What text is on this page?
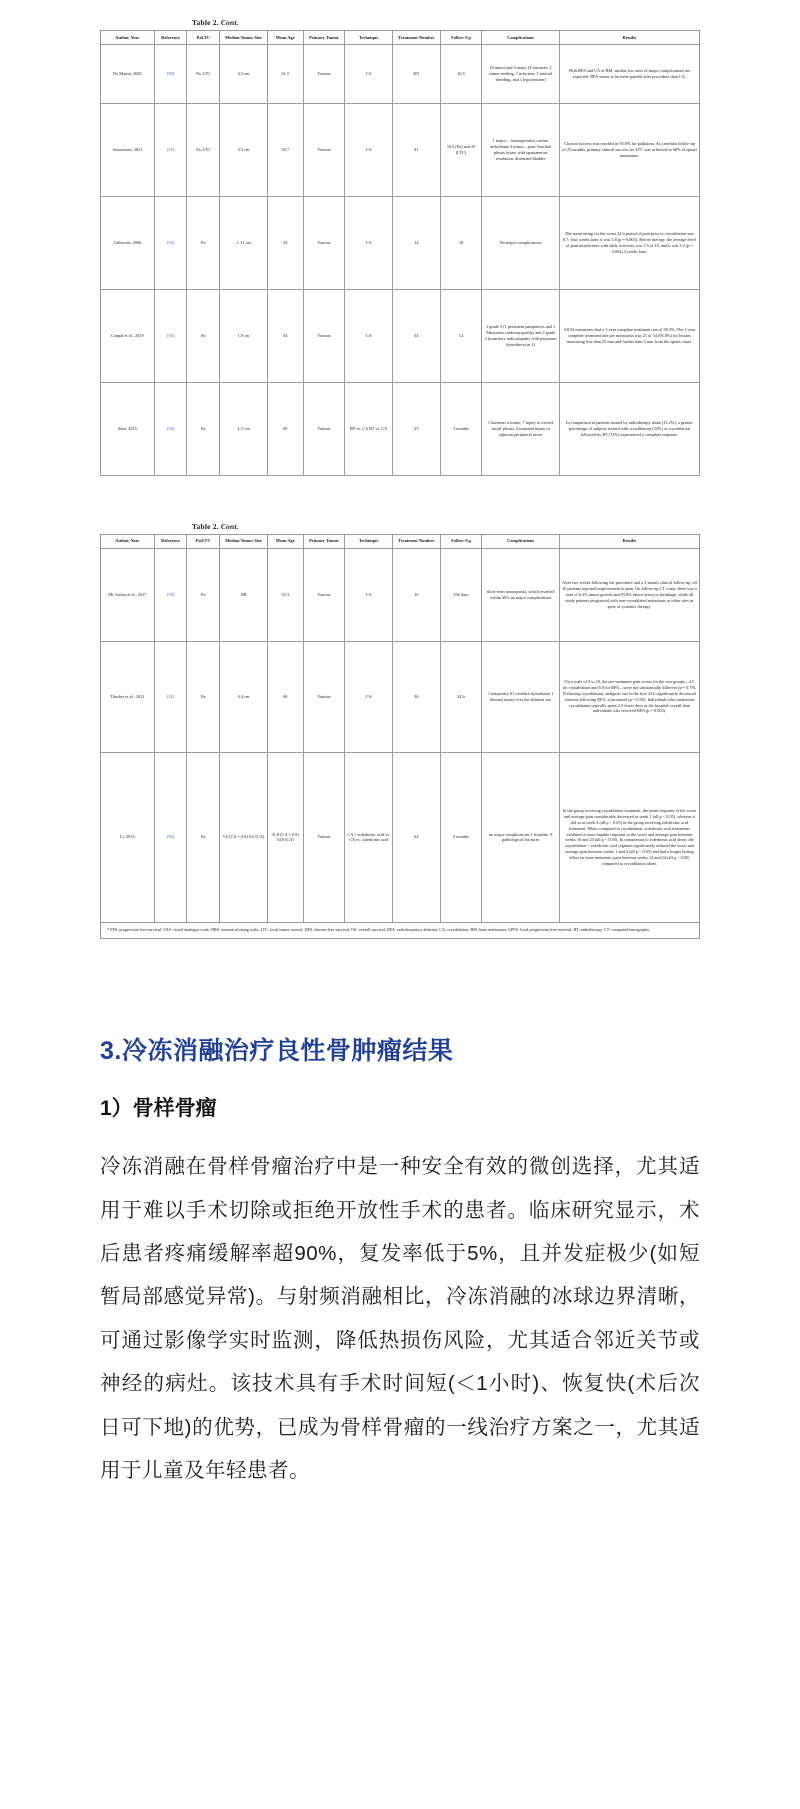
Table 2. Cont.
Author, Year	Reference	PaLTC	Median Tumor Size	Mean Age	Primary Tumor	Technique	Treatment Number	Follow-Up	Complications	Results
De Marini, 2020	[50]	Pa, LTC	4.5 cm	61.5	Various	CA	301	16.5	18 minor and 8 major (4 fractures, 1 tumor seeding, 1 infection, 1 arterial bleeding, and 1 hypotension)	With RFA and CA of BM, similar low rates of major complications are expected. RFA seems to be more painful after procedure than CA.
Autrusseau, 2021	[51]	Pa, LTC	3.5 cm	59.7	Various	CA	41	16.5 (Pa) and 29 (LTC)	1 major— intraoperative cardiac arrhythmia 3 minor—pain, brachial plexus injury with spontaneous resolution, distended bladder	Clinical success was reached in 93.8% for palliation. At a median follow-up of 25 months, primary clinical success for LTC was achieved in 68% of spinal metastases.
Callstrom, 2006	[52]	Pa	1–11 cm	54	Various	CA	14	18	No major complications	The mean rating for the worst 24 h period of pain prior to cryoablation was 6.7; four weeks later, it was 3.8 (p = 0.003). Before therapy, the average level of pain interference with daily activities was 3.5 of 10, and it was 3.2 (p = 0.004) 4 weeks later.
Coupal et al., 2019	[53]	Pa	1.8 cm	54	Various	CA	54	12	1 grade 3 (1 persistent paraparesis and 1 Takotsubo cardiomyopathy) and 2 grade 2 (transitory radiculopathy with persistent dysesthesia in 1)	All 54 metastases had a 1-year complete treatment rate of 58.3%. The 1-year complete treatment rate per metastasis was 25 of 34 (95.8%) for lesions measuring less than 25 mm and further than 5 mm from the spinal canal.
Stasi, 2015	[54]	Pa	4–5 cm	69	Various	RF vs. CA RT vs. CA	25	3 months	1 humerus fracture, 7 injury to exceed sacral plexus, 2 transient injury to adjacent peripheral nerve	In comparison to patients treated by radiotherapy alone (11.2%), a greater percentage of subjects treated with cryoablation (32%) or cryoablation followed by RT (72%) experienced a complete response.
Table 2. Cont.
Author, Year	Reference	Pa/LTC	Median Tumor Size	Mean Age	Primary Tumor	Technique	Treatment Number	Follow-Up	Complications	Results
Mc Arthur et al., 2017	[55]	Pa	NR	52.3	Various	CA	16	436 days	short-term neuropraxia, which resolved within 48 h no major complications	After two weeks following the procedure and a 3-month clinical follow-up, all 16 patients reported improvement in pain. On follow-up CT scans, there was a total of 6.2% tumor growth and 93.8% tumor arrest or shrinkage, while all study patients progressed with non-cryoablated metastases at other sites in spite of systemic therapy.
Thacker et al., 2011	[32]	Pa	4.4 cm	60	Various	CA	36	24 h	1 temporary S1 vertebra dysesthesia 1 thermal injury over the ablation site	On a scale of 0 to 10, the pre-treatment pain scores for the two groups—4.5 for cryoablation and 6.0 for RFA—were not substantially different (p = 0.79). Following cryoablation, analgesic use in the first 24 h significantly decreased whereas following RFA, it increased (p = 0.05). Individuals who underwent cryoablation typically spent 2.5 fewer days in the hospital overall than individuals who received RFA (p = 0.003).
Li, 2014	[56]	Pa	5.6 (CA + ZA) 6.0 (CA)	51.8 (CA + ZA) 54.8 (CA)	Various	CA + zoledronic acid vs. CA vs. zoledronic acid	64	6 months	no major complications 1 frostbite, 8 pathological fractures	In the group receiving cryoablation treatment, the mean response of the worst and average pain considerably decreased at week 1 (all p < 0.05), whereas it did so at week 4 (all p < 0.05) in the group receiving zoledronic acid treatment. When compared to cryoablation, zoledronic acid treatments exhibited a more durable response to the worst and average pain between weeks 16 and 24 (all p < 0.05). In comparison to zoledronic acid alone, the cryoablation + zoledronic acid regimen significantly reduced the worst and average pain between weeks 1 and 4 (all p < 0.05) and had a longer lasting effect on bone metastatic pain between weeks 12 and 24 (all p < 0.05) compared to cryoablation alone.
* FFS: progression free survival; VAS: visual analogue scale; NRS: numerical rating scale; LTC: local tumor control; DFS: disease-free survival; OS: overall survival; RFA: radiofrequency ablation; CA: cryoablation; BM: bone metastases; LPFS: local progression free-survival; RT: radiotherapy; CT: computed tomography.
3.冷冻消融治疗良性骨肿瘤结果
1）骨样骨瘤

冷冻消融在骨样骨瘤治疗中是一种安全有效的微创选择，尤其适用于难以手术切除或拒绝开放性手术的患者。临床研究显示，术后患者疼痛缓解率超90%，复发率低于5%，且并发症极少(如短暂局部感觉异常)。与射频消融相比，冷冻消融的冰球边界清晰，可通过影像学实时监测，降低热损伤风险，尤其适合邻近关节或神经的病灶。该技术具有手术时间短(＜1小时)、恢复快(术后次日可下地)的优势，已成为骨样骨瘤的一线治疗方案之一，尤其适用于儿童及年轻患者。
